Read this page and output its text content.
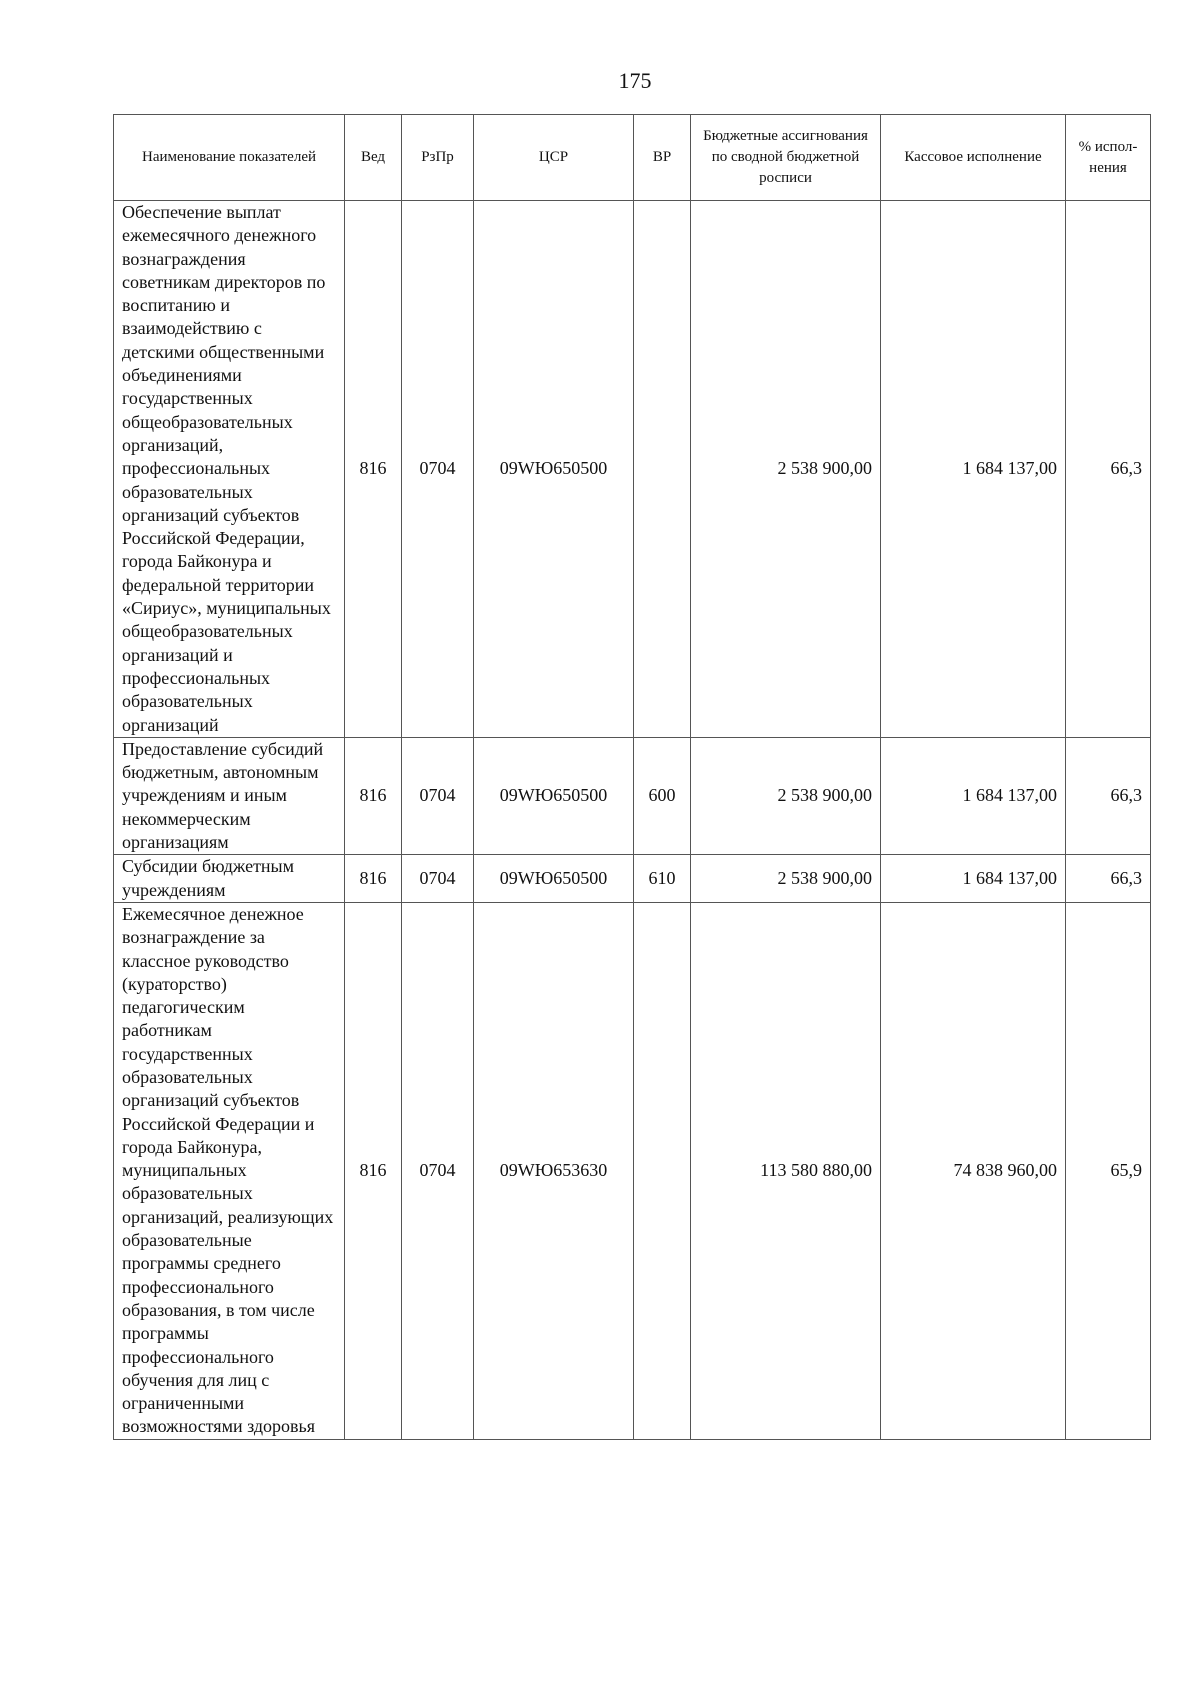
175
Наименование показателей	Вед	РзПр	ЦСР	ВР	Бюджетные ассигнования по сводной бюджетной росписи	Кассовое исполнение	% испол-нения
Обеспечение выплат ежемесячного денежного вознаграждения советникам директоров по воспитанию и взаимодействию с детскими общественными объединениями государственных общеобразовательных организаций, профессиональных образовательных организаций субъектов Российской Федерации, города Байконура и федеральной территории «Сириус», муниципальных общеобразовательных организаций и профессиональных образовательных организаций	816	0704	09WЮ650500		2 538 900,00	1 684 137,00	66,3
Предоставление субсидий бюджетным, автономным учреждениям и иным некоммерческим организациям	816	0704	09WЮ650500	600	2 538 900,00	1 684 137,00	66,3
Субсидии бюджетным учреждениям	816	0704	09WЮ650500	610	2 538 900,00	1 684 137,00	66,3
Ежемесячное денежное вознаграждение за классное руководство (кураторство) педагогическим работникам государственных образовательных организаций субъектов Российской Федерации и города Байконура, муниципальных образовательных организаций, реализующих образовательные программы среднего профессионального образования, в том числе программы профессионального обучения для лиц с ограниченными возможностями здоровья	816	0704	09WЮ653630		113 580 880,00	74 838 960,00	65,9
